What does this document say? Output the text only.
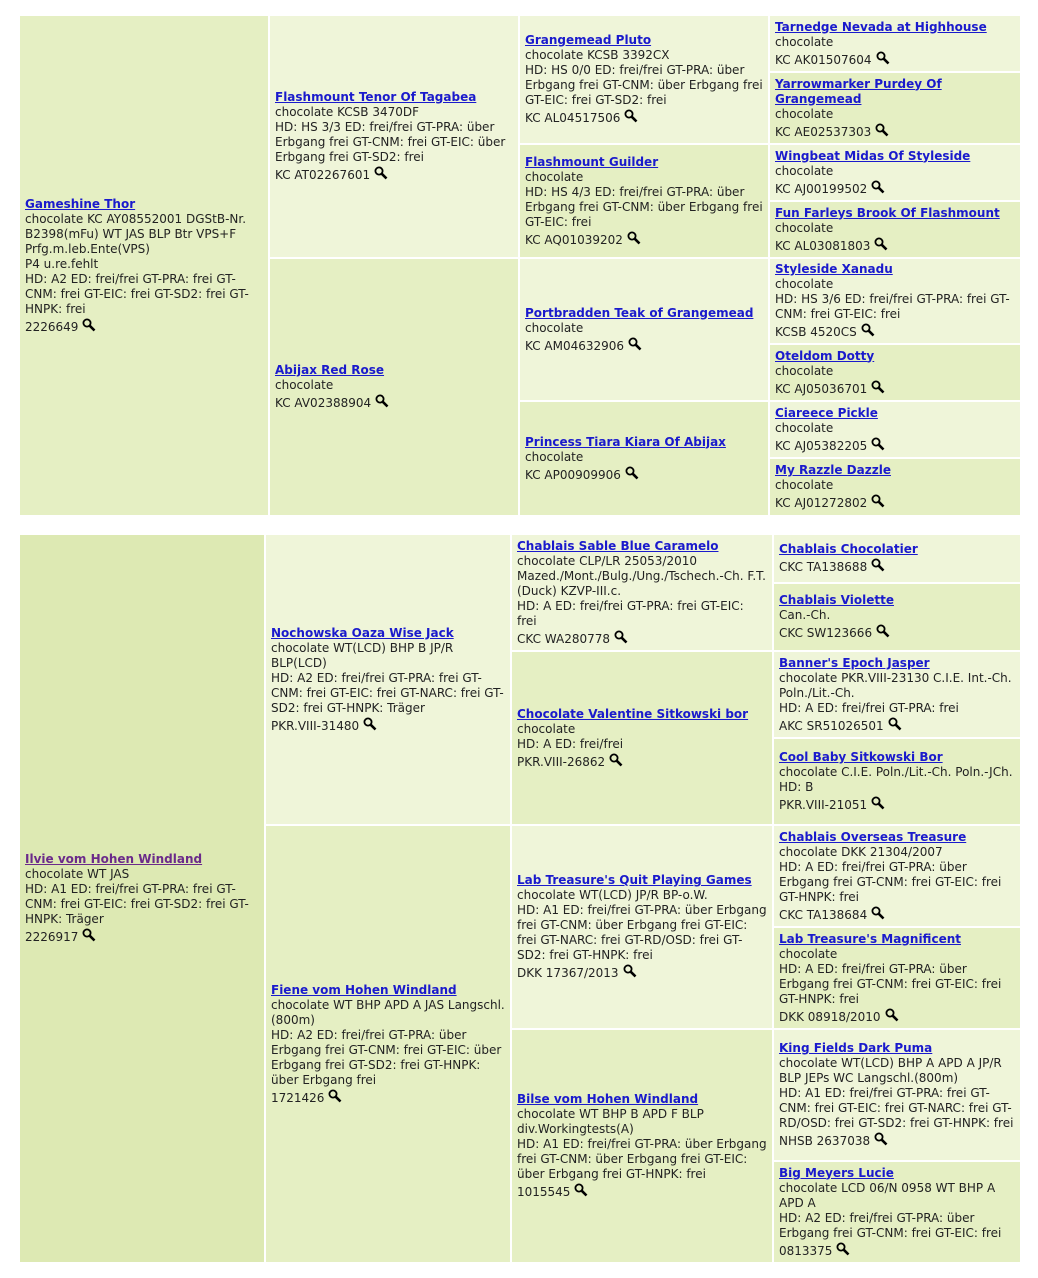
Gameshine Thor
chocolate KC AY08552001 DGStB-Nr. B2398(mFu) WT JAS BLP Btr VPS+F Prfg.m.leb.Ente(VPS)
P4 u.re.fehlt
HD: A2 ED: frei/frei GT-PRA: frei GT-CNM: frei GT-EIC: frei GT-SD2: frei GT-HNPK: frei
2226649
Flashmount Tenor Of Tagabea
chocolate KCSB 3470DF
HD: HS 3/3 ED: frei/frei GT-PRA: über Erbgang frei GT-CNM: frei GT-EIC: über Erbgang frei GT-SD2: frei
KC AT02267601
Abijax Red Rose
chocolate
KC AV02388904
Grangemead Pluto
chocolate KCSB 3392CX
HD: HS 0/0 ED: frei/frei GT-PRA: über Erbgang frei GT-CNM: über Erbgang frei GT-EIC: frei GT-SD2: frei
KC AL04517506
Flashmount Guilder
chocolate
HD: HS 4/3 ED: frei/frei GT-PRA: über Erbgang frei GT-CNM: über Erbgang frei GT-EIC: frei
KC AQ01039202
Portbradden Teak of Grangemead
chocolate
KC AM04632906
Princess Tiara Kiara Of Abijax
chocolate
KC AP00909906
Tarnedge Nevada at Highhouse
chocolate
KC AK01507604
Yarrowmarker Purdey Of Grangemead
chocolate
KC AE02537303
Wingbeat Midas Of Styleside
chocolate
KC AJ00199502
Fun Farleys Brook Of Flashmount
chocolate
KC AL03081803
Styleside Xanadu
chocolate
HD: HS 3/6 ED: frei/frei GT-PRA: frei GT-CNM: frei GT-EIC: frei
KCSB 4520CS
Oteldom Dotty
chocolate
KC AJ05036701
Ciareece Pickle
chocolate
KC AJ05382205
My Razzle Dazzle
chocolate
KC AJ01272802
Ilvie vom Hohen Windland
chocolate WT JAS
HD: A1 ED: frei/frei GT-PRA: frei GT-CNM: frei GT-EIC: frei GT-SD2: frei GT-HNPK: Träger
2226917
Nochowska Oaza Wise Jack
chocolate WT(LCD) BHP B JP/R BLP(LCD)
HD: A2 ED: frei/frei GT-PRA: frei GT-CNM: frei GT-EIC: frei GT-NARC: frei GT-SD2: frei GT-HNPK: Träger
PKR.VIII-31480
Fiene vom Hohen Windland
chocolate WT BHP APD A JAS Langschl.(800m)
HD: A2 ED: frei/frei GT-PRA: über Erbgang frei GT-CNM: frei GT-EIC: über Erbgang frei GT-SD2: frei GT-HNPK: über Erbgang frei
1721426
Chablais Sable Blue Caramelo
chocolate CLP/LR 25053/2010 Mazed./Mont./Bulg./Ung./Tschech.-Ch. F.T.(Duck) KZVP-III.c.
HD: A ED: frei/frei GT-PRA: frei GT-EIC: frei
CKC WA280778
Chocolate Valentine Sitkowski bor
chocolate
HD: A ED: frei/frei
PKR.VIII-26862
Lab Treasure's Quit Playing Games
chocolate WT(LCD) JP/R BP-o.W.
HD: A1 ED: frei/frei GT-PRA: über Erbgang frei GT-CNM: über Erbgang frei GT-EIC: frei GT-NARC: frei GT-RD/OSD: frei GT-SD2: frei GT-HNPK: frei
DKK 17367/2013
Bilse vom Hohen Windland
chocolate WT BHP B APD F BLP div.Workingtests(A)
HD: A1 ED: frei/frei GT-PRA: über Erbgang frei GT-CNM: über Erbgang frei GT-EIC: über Erbgang frei GT-HNPK: frei
1015545
Chablais Chocolatier
CKC TA138688
Chablais Violette
Can.-Ch.
CKC SW123666
Banner's Epoch Jasper
chocolate PKR.VIII-23130 C.I.E. Int.-Ch. Poln./Lit.-Ch.
HD: A ED: frei/frei GT-PRA: frei
AKC SR51026501
Cool Baby Sitkowski Bor
chocolate C.I.E. Poln./Lit.-Ch. Poln.-JCh.
HD: B
PKR.VIII-21051
Chablais Overseas Treasure
chocolate DKK 21304/2007
HD: A ED: frei/frei GT-PRA: über Erbgang frei GT-CNM: frei GT-EIC: frei GT-HNPK: frei
CKC TA138684
Lab Treasure's Magnificent
chocolate
HD: A ED: frei/frei GT-PRA: über Erbgang frei GT-CNM: frei GT-EIC: frei GT-HNPK: frei
DKK 08918/2010
King Fields Dark Puma
chocolate WT(LCD) BHP A APD A JP/R BLP JEPs WC Langschl.(800m)
HD: A1 ED: frei/frei GT-PRA: frei GT-CNM: frei GT-EIC: frei GT-NARC: frei GT-RD/OSD: frei GT-SD2: frei GT-HNPK: frei
NHSB 2637038
Big Meyers Lucie
chocolate LCD 06/N 0958 WT BHP A APD A
HD: A2 ED: frei/frei GT-PRA: über Erbgang frei GT-CNM: frei GT-EIC: frei
0813375
